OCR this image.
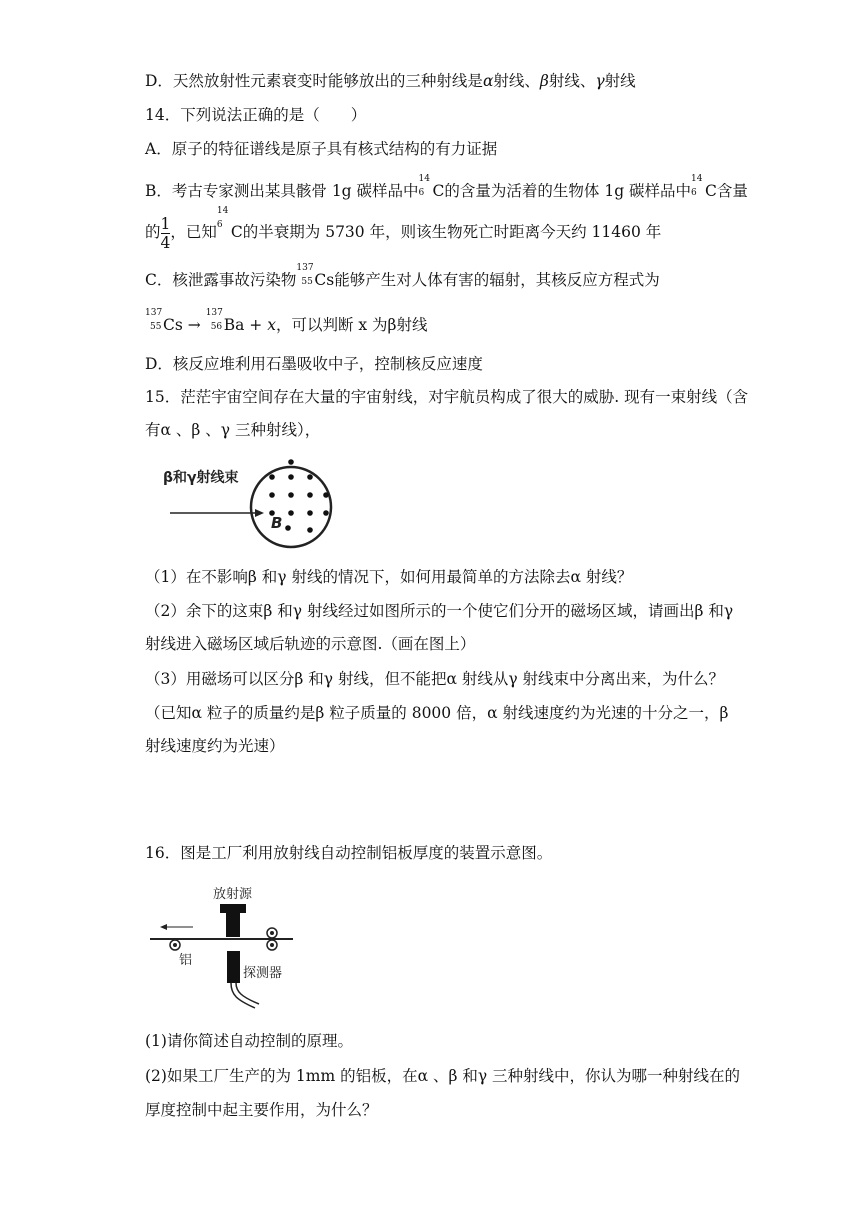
D．天然放射性元素衰变时能够放出的三种射线是α射线、β射线、γ射线
14．下列说法正确的是（　　）
A．原子的特征谱线是原子具有核式结构的有力证据
B．考古专家测出某具骸骨 1g 碳样品中
14
6 C的含量为活着的生物体 1g 碳样品中
14
6 C含量
的 $\frac{1}{4}$ ，已知
14
6 C的半衰期为 5730 年，则该生物死亡时距离今天约 11460 年
C．核泄露事故污染物
137
55 Cs能够产生对人体有害的辐射，其核反应方程式为
137
55 Cs →
137
56 Ba + x，可以判断 x 为β射线
D．核反应堆利用石墨吸收中子，控制核反应速度
15．茫茫宇宙空间存在大量的宇宙射线，对宇航员构成了很大的威胁. 现有一束射线（含
有α 、β 、γ 三种射线），
β和γ射线束
B
（1）在不影响β 和γ 射线的情况下，如何用最简单的方法除去α 射线？
（2）余下的这束β 和γ 射线经过如图所示的一个使它们分开的磁场区域，请画出β 和γ
射线进入磁场区域后轨迹的示意图.（画在图上）
（3）用磁场可以区分β 和γ 射线，但不能把α 射线从γ 射线束中分离出来，为什么？
（已知α 粒子的质量约是β 粒子质量的 8000 倍，α 射线速度约为光速的十分之一，β
射线速度约为光速）
16．图是工厂利用放射线自动控制铝板厚度的装置示意图。
放射源
铝
探测器
(1)请你简述自动控制的原理。
(2)如果工厂生产的为 1mm 的铝板，在α 、β 和γ 三种射线中，你认为哪一种射线在的
厚度控制中起主要作用，为什么？
